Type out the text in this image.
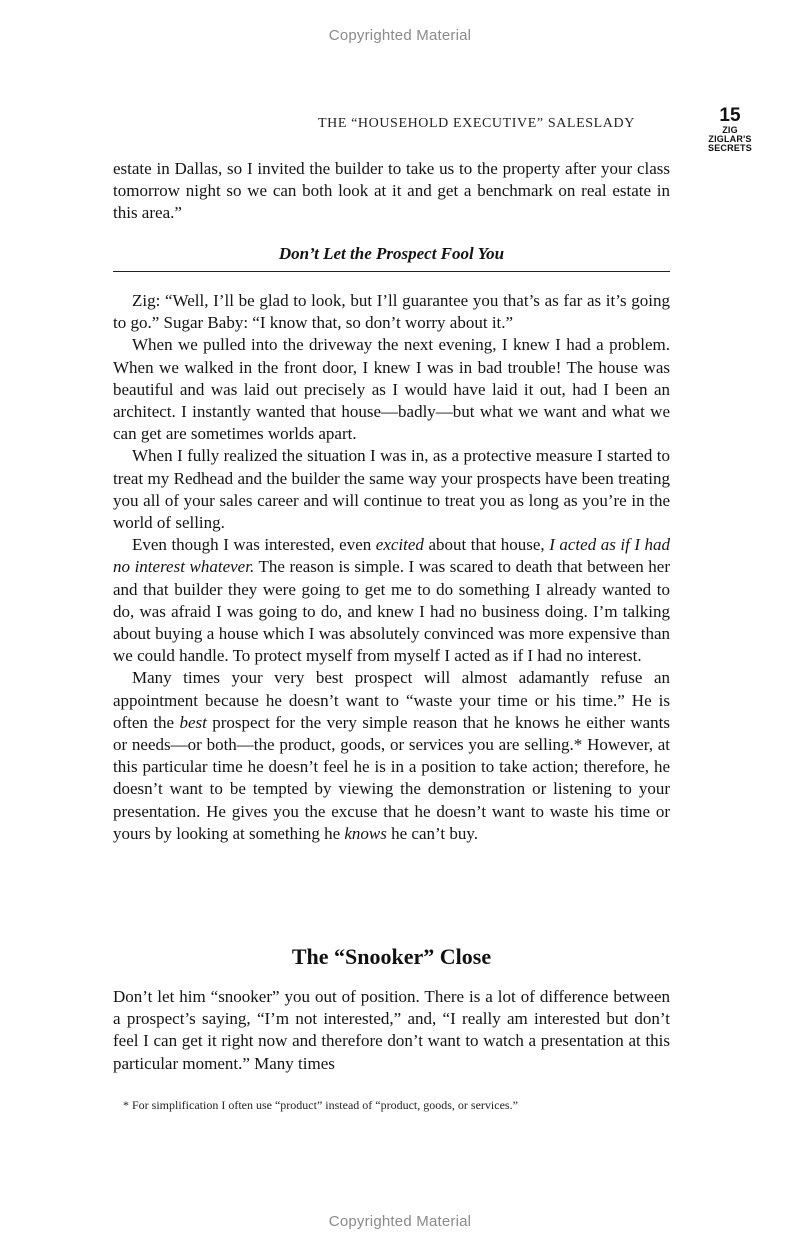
Copyrighted Material
THE “HOUSEHOLD EXECUTIVE” SALESLADY	15
ZIG
ZIGLAR'S
SECRETS

estate in Dallas, so I invited the builder to take us to the property after your class tomorrow night so we can both look at it and get a benchmark on real estate in this area.”

Don’t Let the Prospect Fool You

Zig: “Well, I’ll be glad to look, but I’ll guarantee you that’s as far as it’s going to go.” Sugar Baby: “I know that, so don’t worry about it.”

When we pulled into the driveway the next evening, I knew I had a problem. When we walked in the front door, I knew I was in bad trouble! The house was beautiful and was laid out precisely as I would have laid it out, had I been an architect. I instantly wanted that house—badly—but what we want and what we can get are sometimes worlds apart.

When I fully realized the situation I was in, as a protective measure I started to treat my Redhead and the builder the same way your prospects have been treating you all of your sales career and will continue to treat you as long as you’re in the world of selling.

Even though I was interested, even excited about that house, I acted as if I had no interest whatever. The reason is simple. I was scared to death that between her and that builder they were going to get me to do something I already wanted to do, was afraid I was going to do, and knew I had no business doing. I’m talking about buying a house which I was absolutely convinced was more expensive than we could handle. To protect myself from myself I acted as if I had no interest.

Many times your very best prospect will almost adamantly refuse an appointment because he doesn’t want to “waste your time or his time.” He is often the best prospect for the very simple reason that he knows he either wants or needs—or both—the product, goods, or services you are selling.* However, at this particular time he doesn’t feel he is in a position to take action; therefore, he doesn’t want to be tempted by viewing the demonstration or listening to your presentation. He gives you the excuse that he doesn’t want to waste his time or yours by looking at something he knows he can’t buy.

The “Snooker” Close

Don’t let him “snooker” you out of position. There is a lot of difference between a prospect’s saying, “I’m not interested,” and, “I really am interested but don’t feel I can get it right now and therefore don’t want to watch a presentation at this particular moment.” Many times

* For simplification I often use “product” instead of “product, goods, or services.”
Copyrighted Material
